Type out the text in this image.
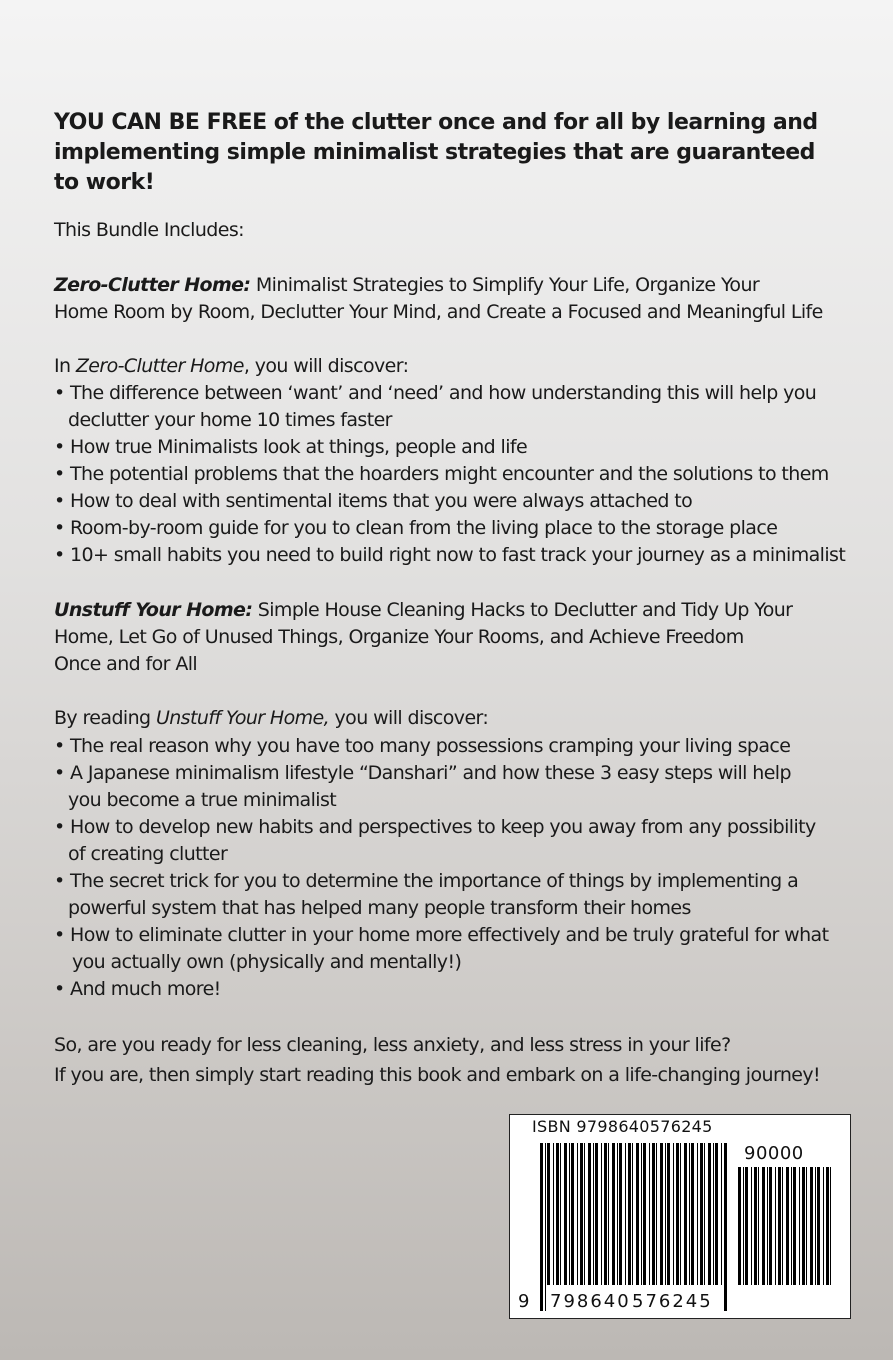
YOU CAN BE FREE of the clutter once and for all by learning and
implementing simple minimalist strategies that are guaranteed
to work!
This Bundle Includes:
Zero-Clutter Home: Minimalist Strategies to Simplify Your Life, Organize Your
Home Room by Room, Declutter Your Mind, and Create a Focused and Meaningful Life
In Zero-Clutter Home, you will discover:
• The difference between ‘want’ and ‘need’ and how understanding this will help you
declutter your home 10 times faster
• How true Minimalists look at things, people and life
• The potential problems that the hoarders might encounter and the solutions to them
• How to deal with sentimental items that you were always attached to
• Room-by-room guide for you to clean from the living place to the storage place
• 10+ small habits you need to build right now to fast track your journey as a minimalist
Unstuff Your Home: Simple House Cleaning Hacks to Declutter and Tidy Up Your
Home, Let Go of Unused Things, Organize Your Rooms, and Achieve Freedom
Once and for All
By reading Unstuff Your Home, you will discover:
• The real reason why you have too many possessions cramping your living space
• A Japanese minimalism lifestyle “Danshari” and how these 3 easy steps will help
you become a true minimalist
• How to develop new habits and perspectives to keep you away from any possibility
of creating clutter
• The secret trick for you to determine the importance of things by implementing a
powerful system that has helped many people transform their homes
• How to eliminate clutter in your home more effectively and be truly grateful for what
you actually own (physically and mentally!)
• And much more!
So, are you ready for less cleaning, less anxiety, and less stress in your life?
If you are, then simply start reading this book and embark on a life-changing journey!
ISBN 9798640576245
90000
9 798640 576245
